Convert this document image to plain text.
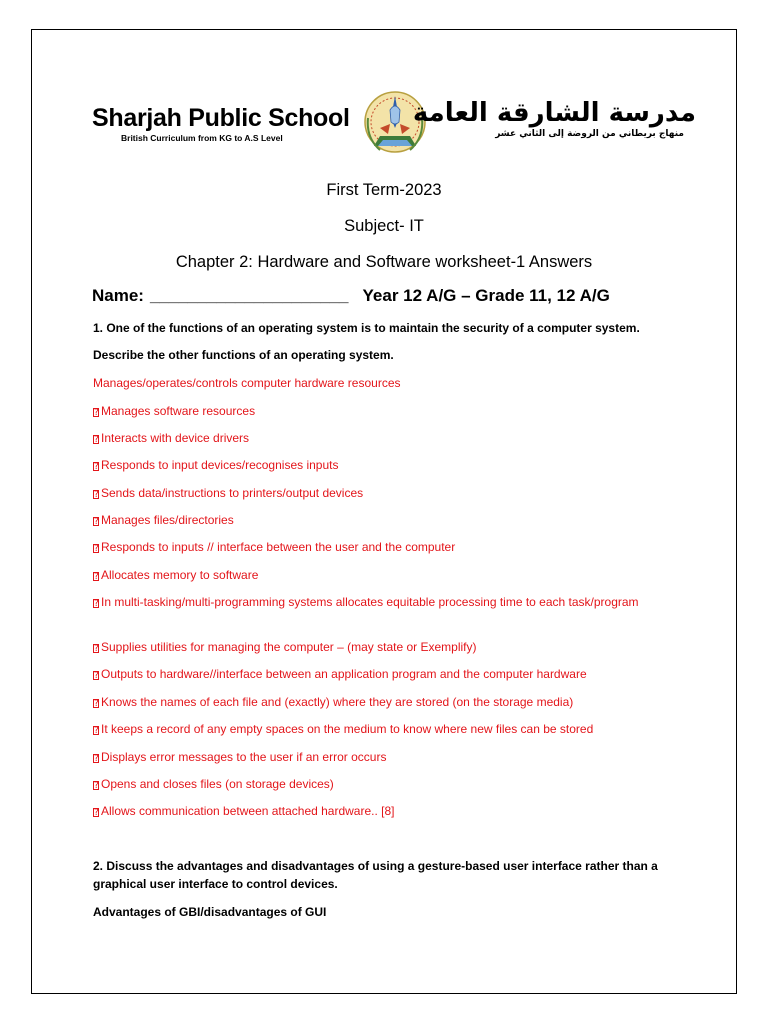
Sharjah Public School
British Curriculum from KG to A.S Level
مدرسة الشارقة العامة
منهاج بريطاني من الروضة إلى الثاني عشر
First Term-2023
Subject- IT
Chapter 2: Hardware and Software worksheet-1 Answers
Name: _____________________ Year 12 A/G – Grade 11, 12 A/G
1. One of the functions of an operating system is to maintain the security of a computer system.
Describe the other functions of an operating system.
Manages/operates/controls computer hardware resources
? Manages software resources
? Interacts with device drivers
? Responds to input devices/recognises inputs
? Sends data/instructions to printers/output devices
? Manages files/directories
? Responds to inputs // interface between the user and the computer
? Allocates memory to software
? In multi-tasking/multi-programming systems allocates equitable processing time to each task/program
? Supplies utilities for managing the computer – (may state or Exemplify)
? Outputs to hardware//interface between an application program and the computer hardware
? Knows the names of each file and (exactly) where they are stored (on the storage media)
? It keeps a record of any empty spaces on the medium to know where new files can be stored
? Displays error messages to the user if an error occurs
? Opens and closes files (on storage devices)
? Allows communication between attached hardware.. [8]
2. Discuss the advantages and disadvantages of using a gesture-based user interface rather than a graphical user interface to control devices.
Advantages of GBI/disadvantages of GUI
